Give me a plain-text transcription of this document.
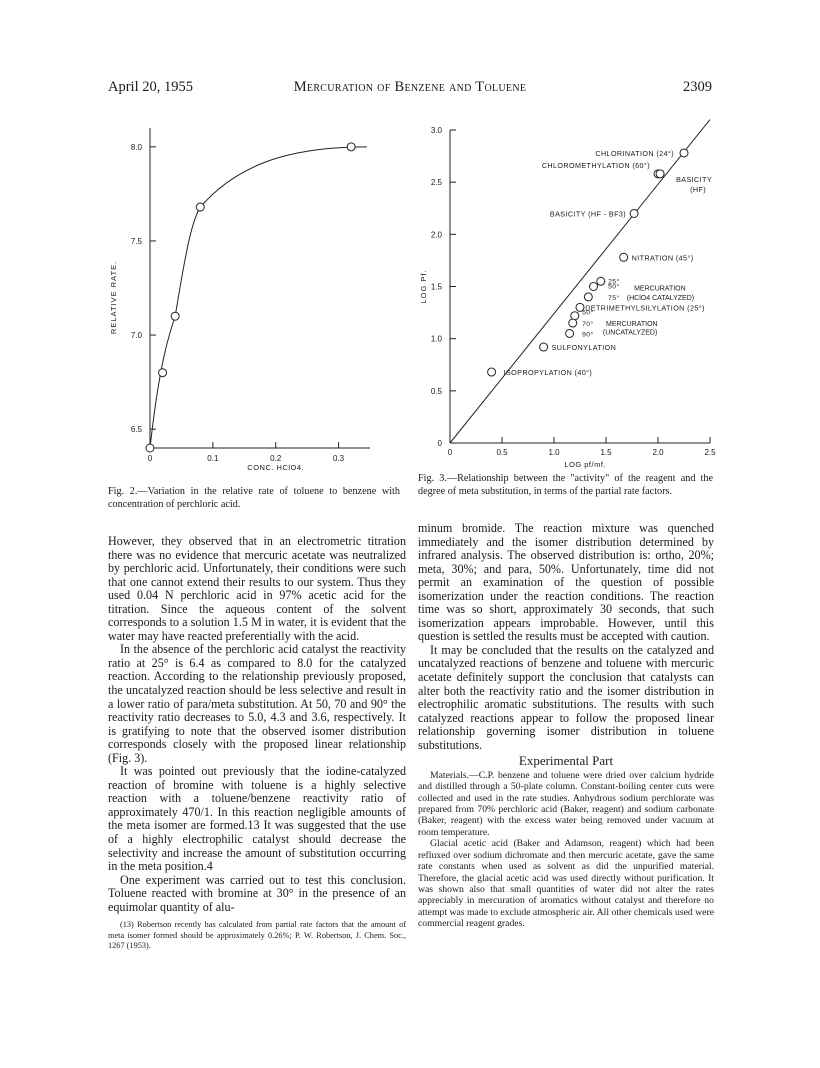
April 20, 1955	Mercuration of Benzene and Toluene	2309
6.5
7.0
7.5
8.0
0	0.1	0.2	0.3
CONC. HClO4.
RELATIVE RATE.
Fig. 2.—Variation in the relative rate of toluene to benzene with concentration of perchloric acid.
0
0.5
1.0
1.5
2.0
2.5
3.0
0	0.5	1.0	1.5	2.0	2.5
LOG pf/mf.
LOG Pf.
CHLORINATION (24°)
CHLOROMETHYLATION (60°)
BASICITY
(HF)
BASICITY (HF - BF3)
NITRATION (45°)
25°
50°
75°
MERCURATION
(HClO4 CATALYZED)
DETRIMETHYLSILYLATION (25°)
50°
70°
90°
MERCURATION
(UNCATALYZED)
SULFONYLATION
ISOPROPYLATION (40°)
Fig. 3.—Relationship between the "activity" of the reagent and the degree of meta substitution, in terms of the partial rate factors.

However, they observed that in an electrometric titration there was no evidence that mercuric acetate was neutralized by perchloric acid. Unfortunately, their conditions were such that one cannot extend their results to our system. Thus they used 0.04 N perchloric acid in 97% acetic acid for the titration. Since the aqueous content of the solvent corresponds to a solution 1.5 M in water, it is evident that the water may have reacted preferentially with the acid.

In the absence of the perchloric acid catalyst the reactivity ratio at 25° is 6.4 as compared to 8.0 for the catalyzed reaction. According to the relationship previously proposed, the uncatalyzed reaction should be less selective and result in a lower ratio of para/meta substitution. At 50, 70 and 90° the reactivity ratio decreases to 5.0, 4.3 and 3.6, respectively. It is gratifying to note that the observed isomer distribution corresponds closely with the proposed linear relationship (Fig. 3).

It was pointed out previously that the iodine-catalyzed reaction of bromine with toluene is a highly selective reaction with a toluene/benzene reactivity ratio of approximately 470/1. In this reaction negligible amounts of the meta isomer are formed.13 It was suggested that the use of a highly electrophilic catalyst should decrease the selectivity and increase the amount of substitution occurring in the meta position.4

One experiment was carried out to test this conclusion. Toluene reacted with bromine at 30° in the presence of an equimolar quantity of alu-

(13) Robertson recently has calculated from partial rate factors that the amount of meta isomer formed should be approximately 0.26%; P. W. Robertson, J. Chem. Soc., 1267 (1953).

minum bromide. The reaction mixture was quenched immediately and the isomer distribution determined by infrared analysis. The observed distribution is: ortho, 20%; meta, 30%; and para, 50%. Unfortunately, time did not permit an examination of the question of possible isomerization under the reaction conditions. The reaction time was so short, approximately 30 seconds, that such isomerization appears improbable. However, until this question is settled the results must be accepted with caution.

It may be concluded that the results on the catalyzed and uncatalyzed reactions of benzene and toluene with mercuric acetate definitely support the conclusion that catalysts can alter both the reactivity ratio and the isomer distribution in electrophilic aromatic substitutions. The results with such catalyzed reactions appear to follow the proposed linear relationship governing isomer distribution in toluene substitutions.

Experimental Part

Materials.—C.P. benzene and toluene were dried over calcium hydride and distilled through a 50-plate column. Constant-boiling center cuts were collected and used in the rate studies. Anhydrous sodium perchlorate was prepared from 70% perchloric acid (Baker, reagent) and sodium carbonate (Baker, reagent) with the excess water being removed under vacuum at room temperature.

Glacial acetic acid (Baker and Adamson, reagent) which had been refluxed over sodium dichromate and then mercuric acetate, gave the same rate constants when used as solvent as did the unpurified material. Therefore, the glacial acetic acid was used directly without purification. It was shown also that small quantities of water did not alter the rates appreciably in mercuration of aromatics without catalyst and therefore no attempt was made to exclude atmospheric air. All other chemicals used were commercial reagent grades.
